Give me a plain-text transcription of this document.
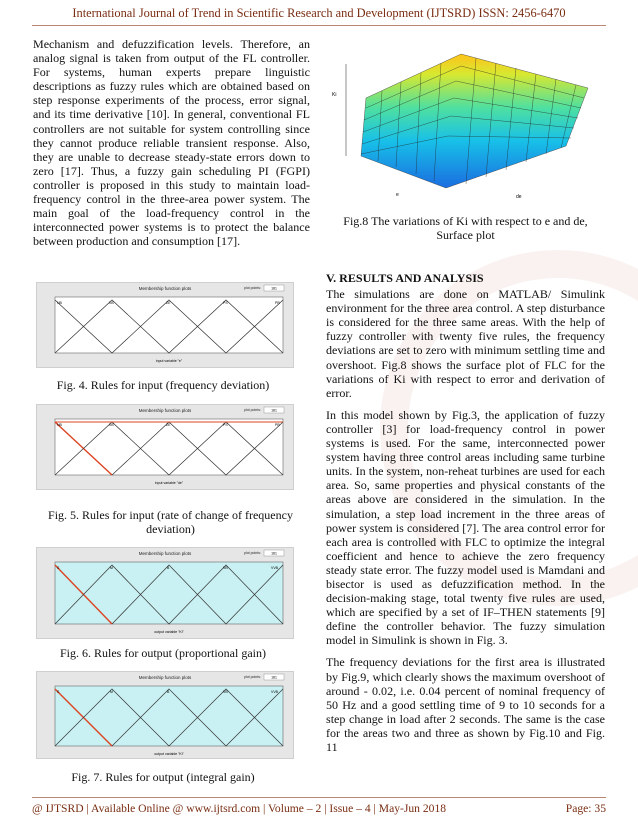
International Journal of Trend in Scientific Research and Development (IJTSRD) ISSN: 2456-6470

Mechanism and defuzzification levels. Therefore, an analog signal is taken from output of the FL controller. For systems, human experts prepare linguistic descriptions as fuzzy rules which are obtained based on step response experiments of the process, error signal, and its time derivative [10]. In general, conventional FL controllers are not suitable for system controlling since they cannot produce reliable transient response. Also, they are unable to decrease steady-state errors down to zero [17]. Thus, a fuzzy gain scheduling PI (FGPI) controller is proposed in this study to maintain load-frequency control in the three-area power system. The main goal of the load-frequency control in the interconnected power systems is to protect the balance between production and consumption [17].

Membership function plots	plot points:	181
NB	NS	ZE	PS	PB
input variable "e"
Fig. 4. Rules for input (frequency deviation)
Membership function plots	plot points:	181
NB	NS	ZE	PS	PB
input variable "de"
Fig. 5. Rules for input (rate of change of frequency deviation)
Membership function plots	plot points:	181
S	M	B	VB	VVB
output variable "Ki"
Fig. 6. Rules for output (proportional gain)
Membership function plots	plot points:	181
S	M	B	VB	VVB
output variable "Ki"
Fig. 7. Rules for output (integral gain)
Ki
e	de
Fig.8 The variations of Ki with respect to e and de, Surface plot
V. RESULTS AND ANALYSIS

The simulations are done on MATLAB/ Simulink environment for the three area control. A step disturbance is considered for the three same areas. With the help of fuzzy controller with twenty five rules, the frequency deviations are set to zero with minimum settling time and overshoot. Fig.8 shows the surface plot of FLC for the variations of Ki with respect to error and derivation of error.

In this model shown by Fig.3, the application of fuzzy controller [3] for load-frequency control in power systems is used. For the same, interconnected power system having three control areas including same turbine units. In the system, non-reheat turbines are used for each area. So, same properties and physical constants of the areas above are considered in the simulation. In the simulation, a step load increment in the three areas of power system is considered [7]. The area control error for each area is controlled with FLC to optimize the integral coefficient and hence to achieve the zero frequency steady state error. The fuzzy model used is Mamdani and bisector is used as defuzzification method. In the decision-making stage, total twenty five rules are used, which are specified by a set of IF–THEN statements [9] define the controller behavior. The fuzzy simulation model in Simulink is shown in Fig. 3.

The frequency deviations for the first area is illustrated by Fig.9, which clearly shows the maximum overshoot of around - 0.02, i.e. 0.04 percent of nominal frequency of 50 Hz and a good settling time of 9 to 10 seconds for a step change in load after 2 seconds. The same is the case for the areas two and three as shown by Fig.10 and Fig. 11

@ IJTSRD | Available Online @ www.ijtsrd.com | Volume – 2 | Issue – 4 | May-Jun 2018	Page: 35
